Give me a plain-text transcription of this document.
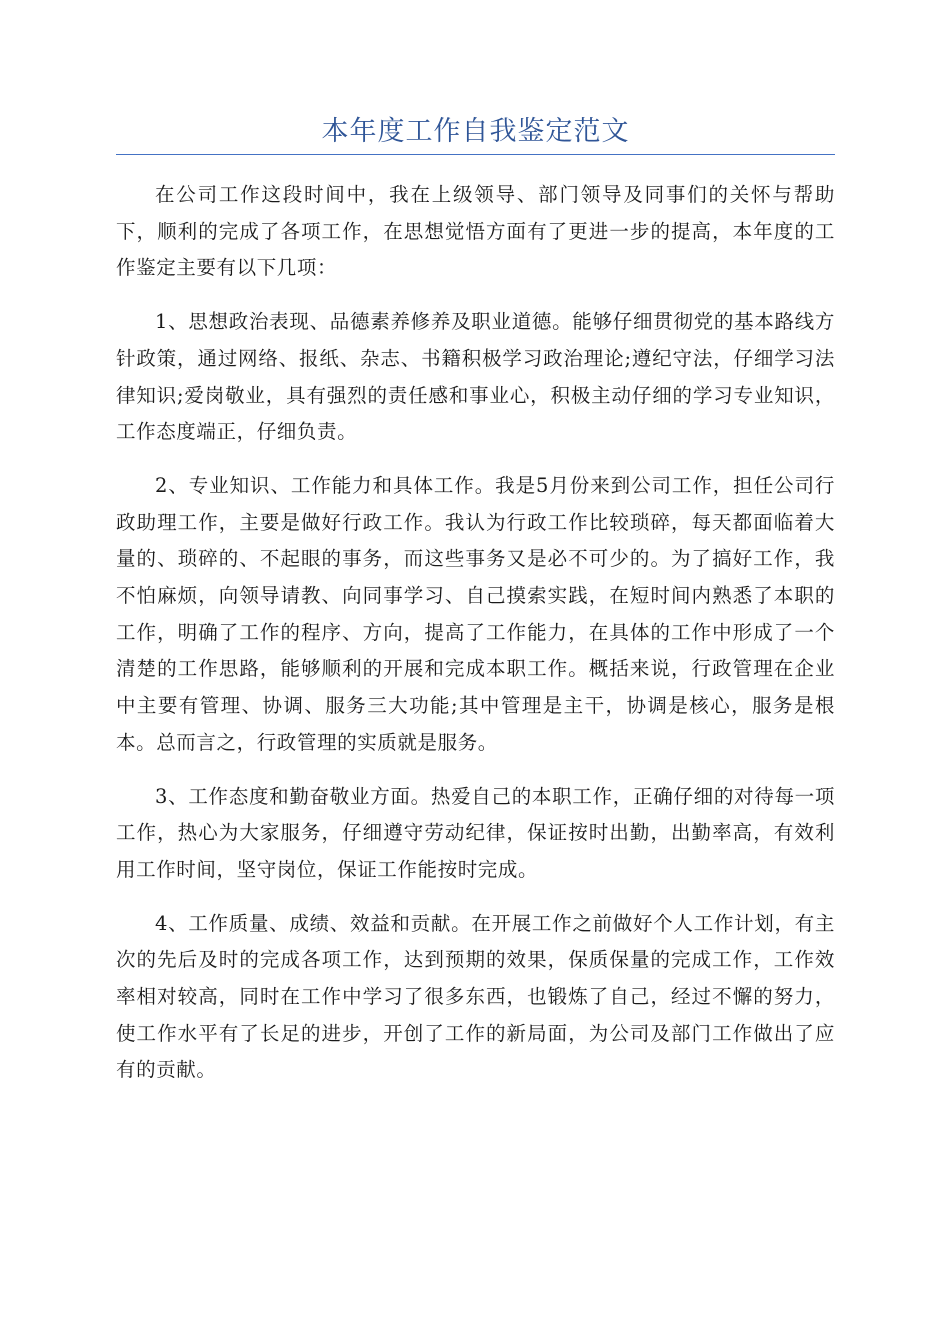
本年度工作自我鉴定范文

在公司工作这段时间中，我在上级领导、部门领导及同事们的关怀与帮助下，顺利的完成了各项工作，在思想觉悟方面有了更进一步的提高，本年度的工作鉴定主要有以下几项：

1、思想政治表现、品德素养修养及职业道德。能够仔细贯彻党的基本路线方针政策，通过网络、报纸、杂志、书籍积极学习政治理论;遵纪守法，仔细学习法律知识;爱岗敬业，具有强烈的责任感和事业心，积极主动仔细的学习专业知识，工作态度端正，仔细负责。

2、专业知识、工作能力和具体工作。我是5月份来到公司工作，担任公司行政助理工作，主要是做好行政工作。我认为行政工作比较琐碎，每天都面临着大量的、琐碎的、不起眼的事务，而这些事务又是必不可少的。为了搞好工作，我不怕麻烦，向领导请教、向同事学习、自己摸索实践，在短时间内熟悉了本职的工作，明确了工作的程序、方向，提高了工作能力，在具体的工作中形成了一个清楚的工作思路，能够顺利的开展和完成本职工作。概括来说，行政管理在企业中主要有管理、协调、服务三大功能;其中管理是主干，协调是核心，服务是根本。总而言之，行政管理的实质就是服务。

3、工作态度和勤奋敬业方面。热爱自己的本职工作，正确仔细的对待每一项工作，热心为大家服务，仔细遵守劳动纪律，保证按时出勤，出勤率高，有效利用工作时间，坚守岗位，保证工作能按时完成。

4、工作质量、成绩、效益和贡献。在开展工作之前做好个人工作计划，有主次的先后及时的完成各项工作，达到预期的效果，保质保量的完成工作，工作效率相对较高，同时在工作中学习了很多东西，也锻炼了自己，经过不懈的努力，使工作水平有了长足的进步，开创了工作的新局面，为公司及部门工作做出了应有的贡献。
